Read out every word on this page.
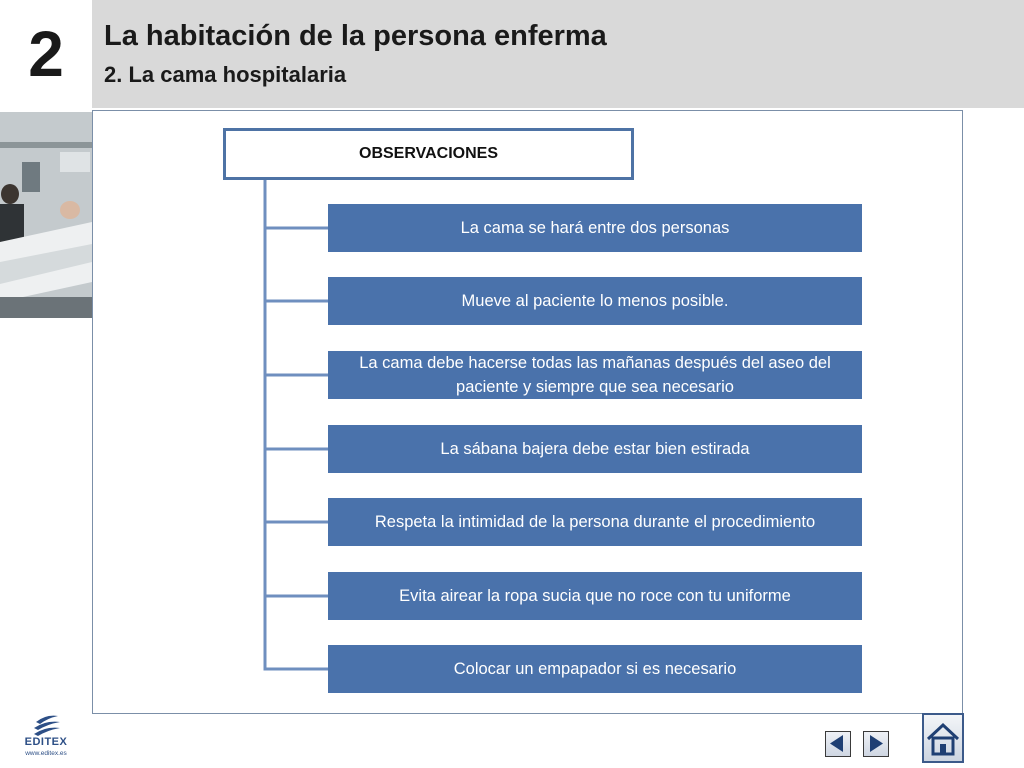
2	La habitación de la persona enferma
2. La cama hospitalaria
OBSERVACIONES
La cama se hará entre dos personas
Mueve al paciente lo menos posible.
La cama debe hacerse todas las mañanas después del aseo del paciente y siempre que sea necesario
La sábana bajera debe estar bien estirada
Respeta la intimidad de la persona durante el procedimiento
Evita airear la ropa sucia que no roce con tu uniforme
Colocar un empapador si es necesario
EDITEX
www.editex.es
